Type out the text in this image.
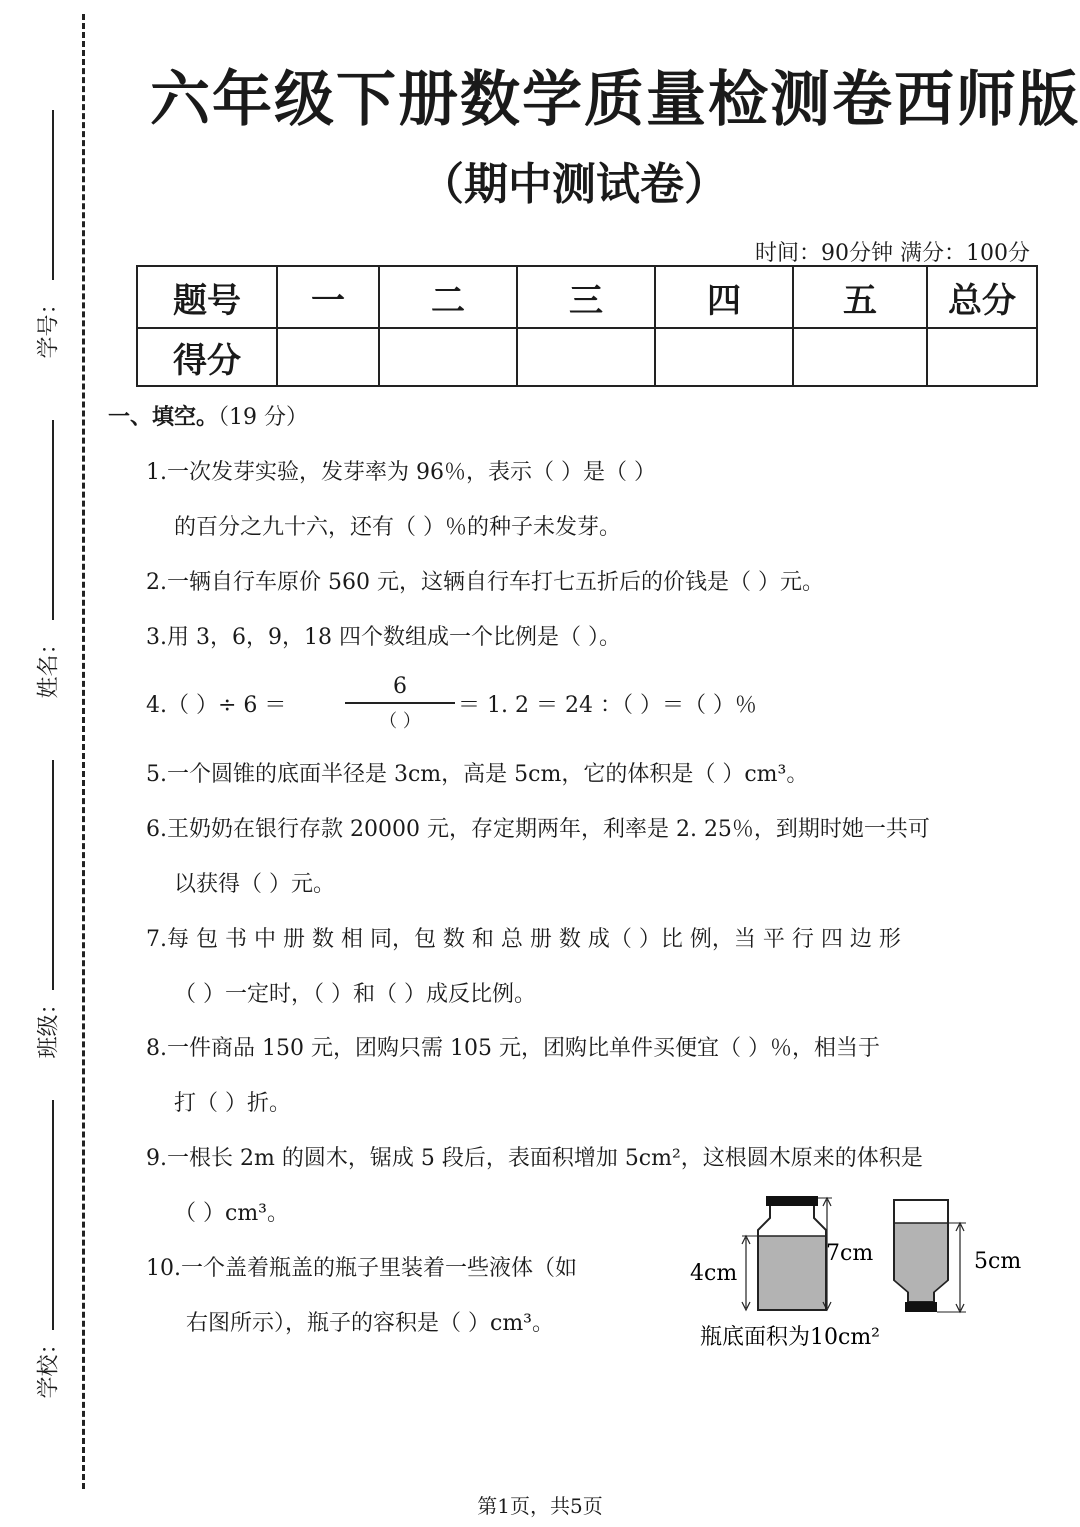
学号：
姓名：
班级：
学校：
六年级下册数学质量检测卷西师版
（期中测试卷）
时间：90分钟 满分：100分
题号	一	二	三	四	五	总分
得分						
一、填空。（19 分）
1.一次发芽实验，发芽率为 96％，表示（ ）是（ ）
的百分之九十六，还有（ ）％的种子未发芽。
2.一辆自行车原价 560 元，这辆自行车打七五折后的价钱是（ ）元。
3.用 3，6，9，18 四个数组成一个比例是（ ）。
4.（ ）÷ 6 ＝
6
（ ）
＝ 1. 2 ＝ 24 ：（ ）＝（ ）％
5.一个圆锥的底面半径是 3cm，高是 5cm，它的体积是（ ）cm³。
6.王奶奶在银行存款 20000 元，存定期两年，利率是 2. 25％，到期时她一共可
以获得（ ）元。
7.每 包 书 中 册 数 相 同，包 数 和 总 册 数 成（ ）比 例，当 平 行 四 边 形
（ ）一定时，（ ）和（ ）成反比例。
8.一件商品 150 元，团购只需 105 元，团购比单件买便宜（ ）％，相当于
打（ ）折。
9.一根长 2m 的圆木，锯成 5 段后，表面积增加 5cm²，这根圆木原来的体积是
（ ）cm³。
10.一个盖着瓶盖的瓶子里装着一些液体（如
右图所示），瓶子的容积是（ ）cm³。
4cm
7cm	5cm
瓶底面积为10cm²
第1页，共5页
